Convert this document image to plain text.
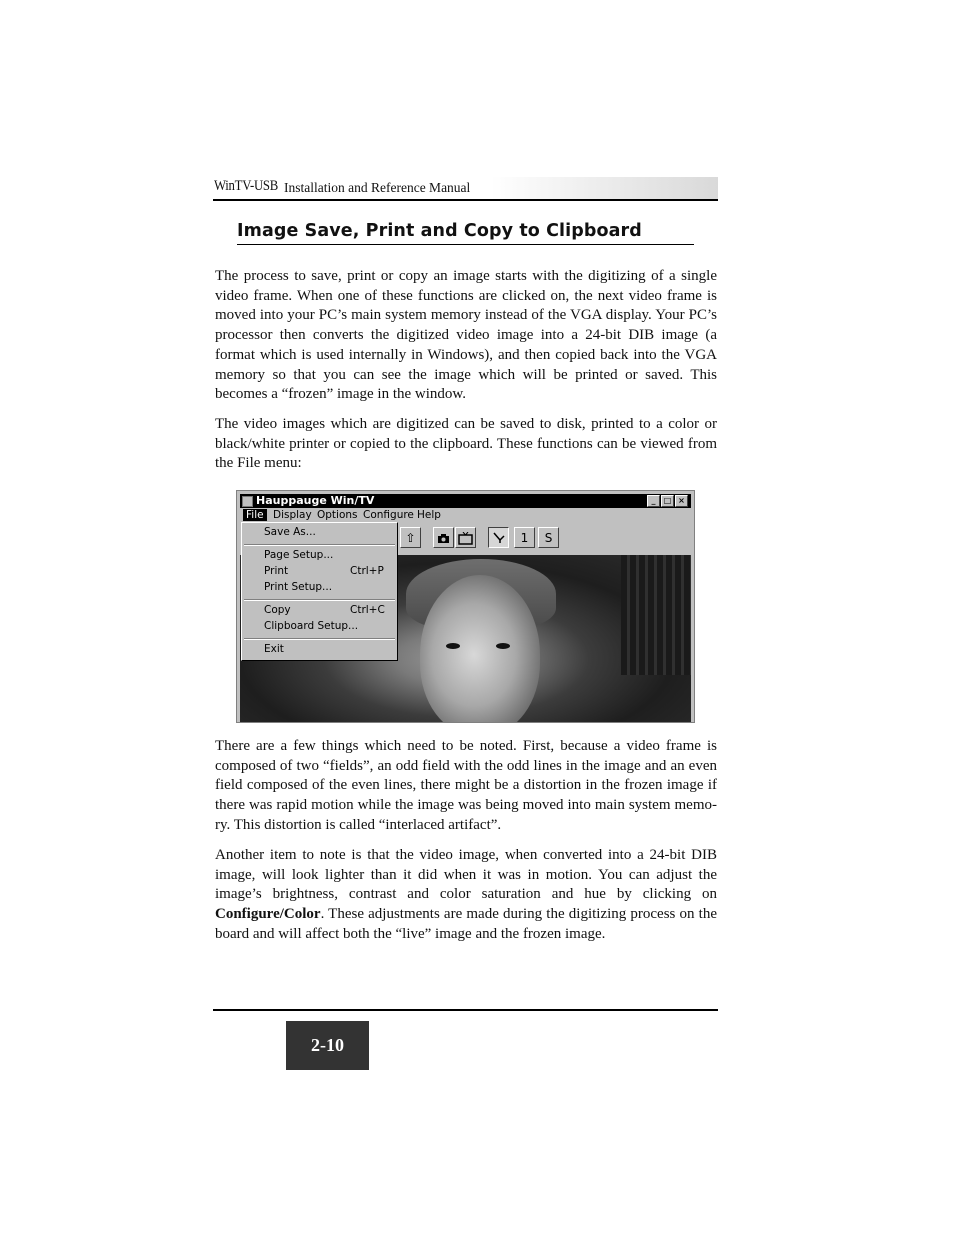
WinTV-USB Installation and Reference Manual
Image Save, Print and Copy to Clipboard

The process to save, print or copy an image starts with the digitizing of a single video frame. When one of these functions are clicked on, the next video frame is moved into your PC’s main system memory instead of the VGA display. Your PC’s processor then converts the digitized video image into a 24-bit DIB image (a format which is used internally in Windows), and then copied back into the VGA memory so that you can see the image which will be printed or saved. This becomes a “frozen” image in the window.

The video images which are digitized can be saved to disk, printed to a color or black/white printer or copied to the clipboard. These functions can be viewed from the File menu:

Hauppauge Win/TV	_	□ ×
File Display Options Configure Help
⇧	1	S
Save As...
Page Setup...
Print	Ctrl+P
Print Setup...
Copy	Ctrl+C
Clipboard Setup...
Exit

There are a few things which need to be noted. First, because a video frame is composed of two “fields”, an odd field with the odd lines in the image and an even field composed of the even lines, there might be a distortion in the frozen image if there was rapid motion while the image was being moved into main system memo-ry. This distortion is called “interlaced artifact”.

Another item to note is that the video image, when converted into a 24-bit DIB image, will look lighter than it did when it was in motion. You can adjust the image’s brightness, contrast and color saturation and hue by clicking on Configure/Color. These adjustments are made during the digitizing process on the board and will affect both the “live” image and the frozen image.

2-10
